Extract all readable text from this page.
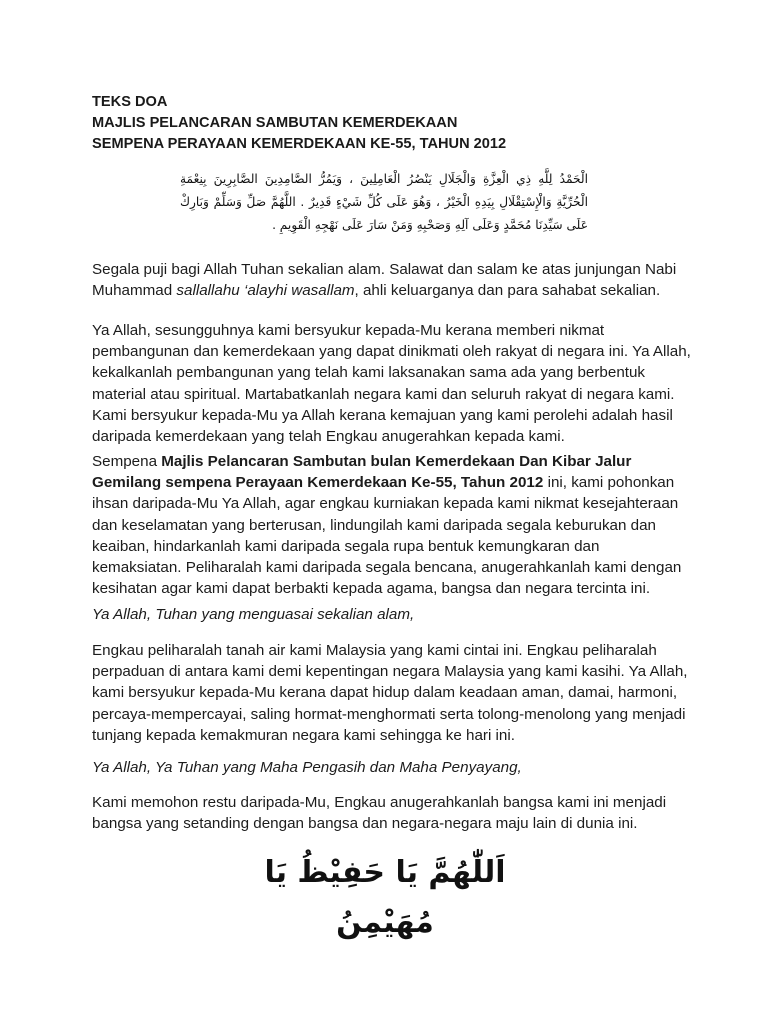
TEKS DOA
MAJLIS PELANCARAN SAMBUTAN KEMERDEKAAN
SEMPENA PERAYAAN KEMERDEKAAN KE-55, TAHUN 2012

الْحَمْدُ لِلَّهِ ذِي الْعِزَّةِ وَالْجَلَالِ يَنْصُرُ الْعَامِلِينَ ، وَيَمُرُّ الصَّامِدِينَ الصَّابِرِينَ بِنِعْمَةِ الْحُرِّيَّةِ وَالْإِسْتِقْلَالِ بِيَدِهِ الْخَيْرُ ، وَهُوَ عَلَى كُلِّ شَيْءٍ قَدِيرٌ . اللَّهُمَّ صَلِّ وَسَلِّمْ وَبَارِكْ عَلَى سَيِّدِنَا مُحَمَّدٍ وَعَلَى آلِهِ وَصَحْبِهِ وَمَنْ سَارَ عَلَى نَهْجِهِ الْقَوِيمِ .

Segala puji bagi Allah Tuhan sekalian alam. Salawat dan salam ke atas junjungan Nabi Muhammad sallallahu ‘alayhi wasallam, ahli keluarganya dan para sahabat sekalian.

Ya Allah, sesungguhnya kami bersyukur kepada-Mu kerana memberi nikmat pembangunan dan kemerdekaan yang dapat dinikmati oleh rakyat di negara ini. Ya Allah, kekalkanlah pembangunan yang telah kami laksanakan sama ada yang berbentuk material atau spiritual. Martabatkanlah negara kami dan seluruh rakyat di negara kami. Kami bersyukur kepada-Mu ya Allah kerana kemajuan yang kami perolehi adalah hasil daripada kemerdekaan yang telah Engkau anugerahkan kepada kami.

Sempena Majlis Pelancaran Sambutan bulan Kemerdekaan Dan Kibar Jalur Gemilang sempena Perayaan Kemerdekaan Ke-55, Tahun 2012 ini, kami pohonkan ihsan daripada-Mu Ya Allah, agar engkau kurniakan kepada kami nikmat kesejahteraan dan keselamatan yang berterusan, lindungilah kami daripada segala keburukan dan keaiban, hindarkanlah kami daripada segala rupa bentuk kemungkaran dan kemaksiatan. Peliharalah kami daripada segala bencana, anugerahkanlah kami dengan kesihatan agar kami dapat berbakti kepada agama, bangsa dan negara tercinta ini.

Ya Allah, Tuhan yang menguasai sekalian alam,

Engkau peliharalah tanah air kami Malaysia yang kami cintai ini. Engkau peliharalah perpaduan di antara kami demi kepentingan negara Malaysia yang kami kasihi. Ya Allah, kami bersyukur kepada-Mu kerana dapat hidup dalam keadaan aman, damai, harmoni, percaya-mempercayai, saling hormat-menghormati serta tolong-menolong yang menjadi tunjang kepada kemakmuran negara kami sehingga ke hari ini.

Ya Allah, Ya Tuhan yang Maha Pengasih dan Maha Penyayang,

Kami memohon restu daripada-Mu, Engkau anugerahkanlah bangsa kami ini menjadi bangsa yang setanding dengan bangsa dan negara-negara maju lain di dunia ini.

اَللّٰهُمَّ يَا حَفِيْظُ يَا مُهَيْمِنُ
